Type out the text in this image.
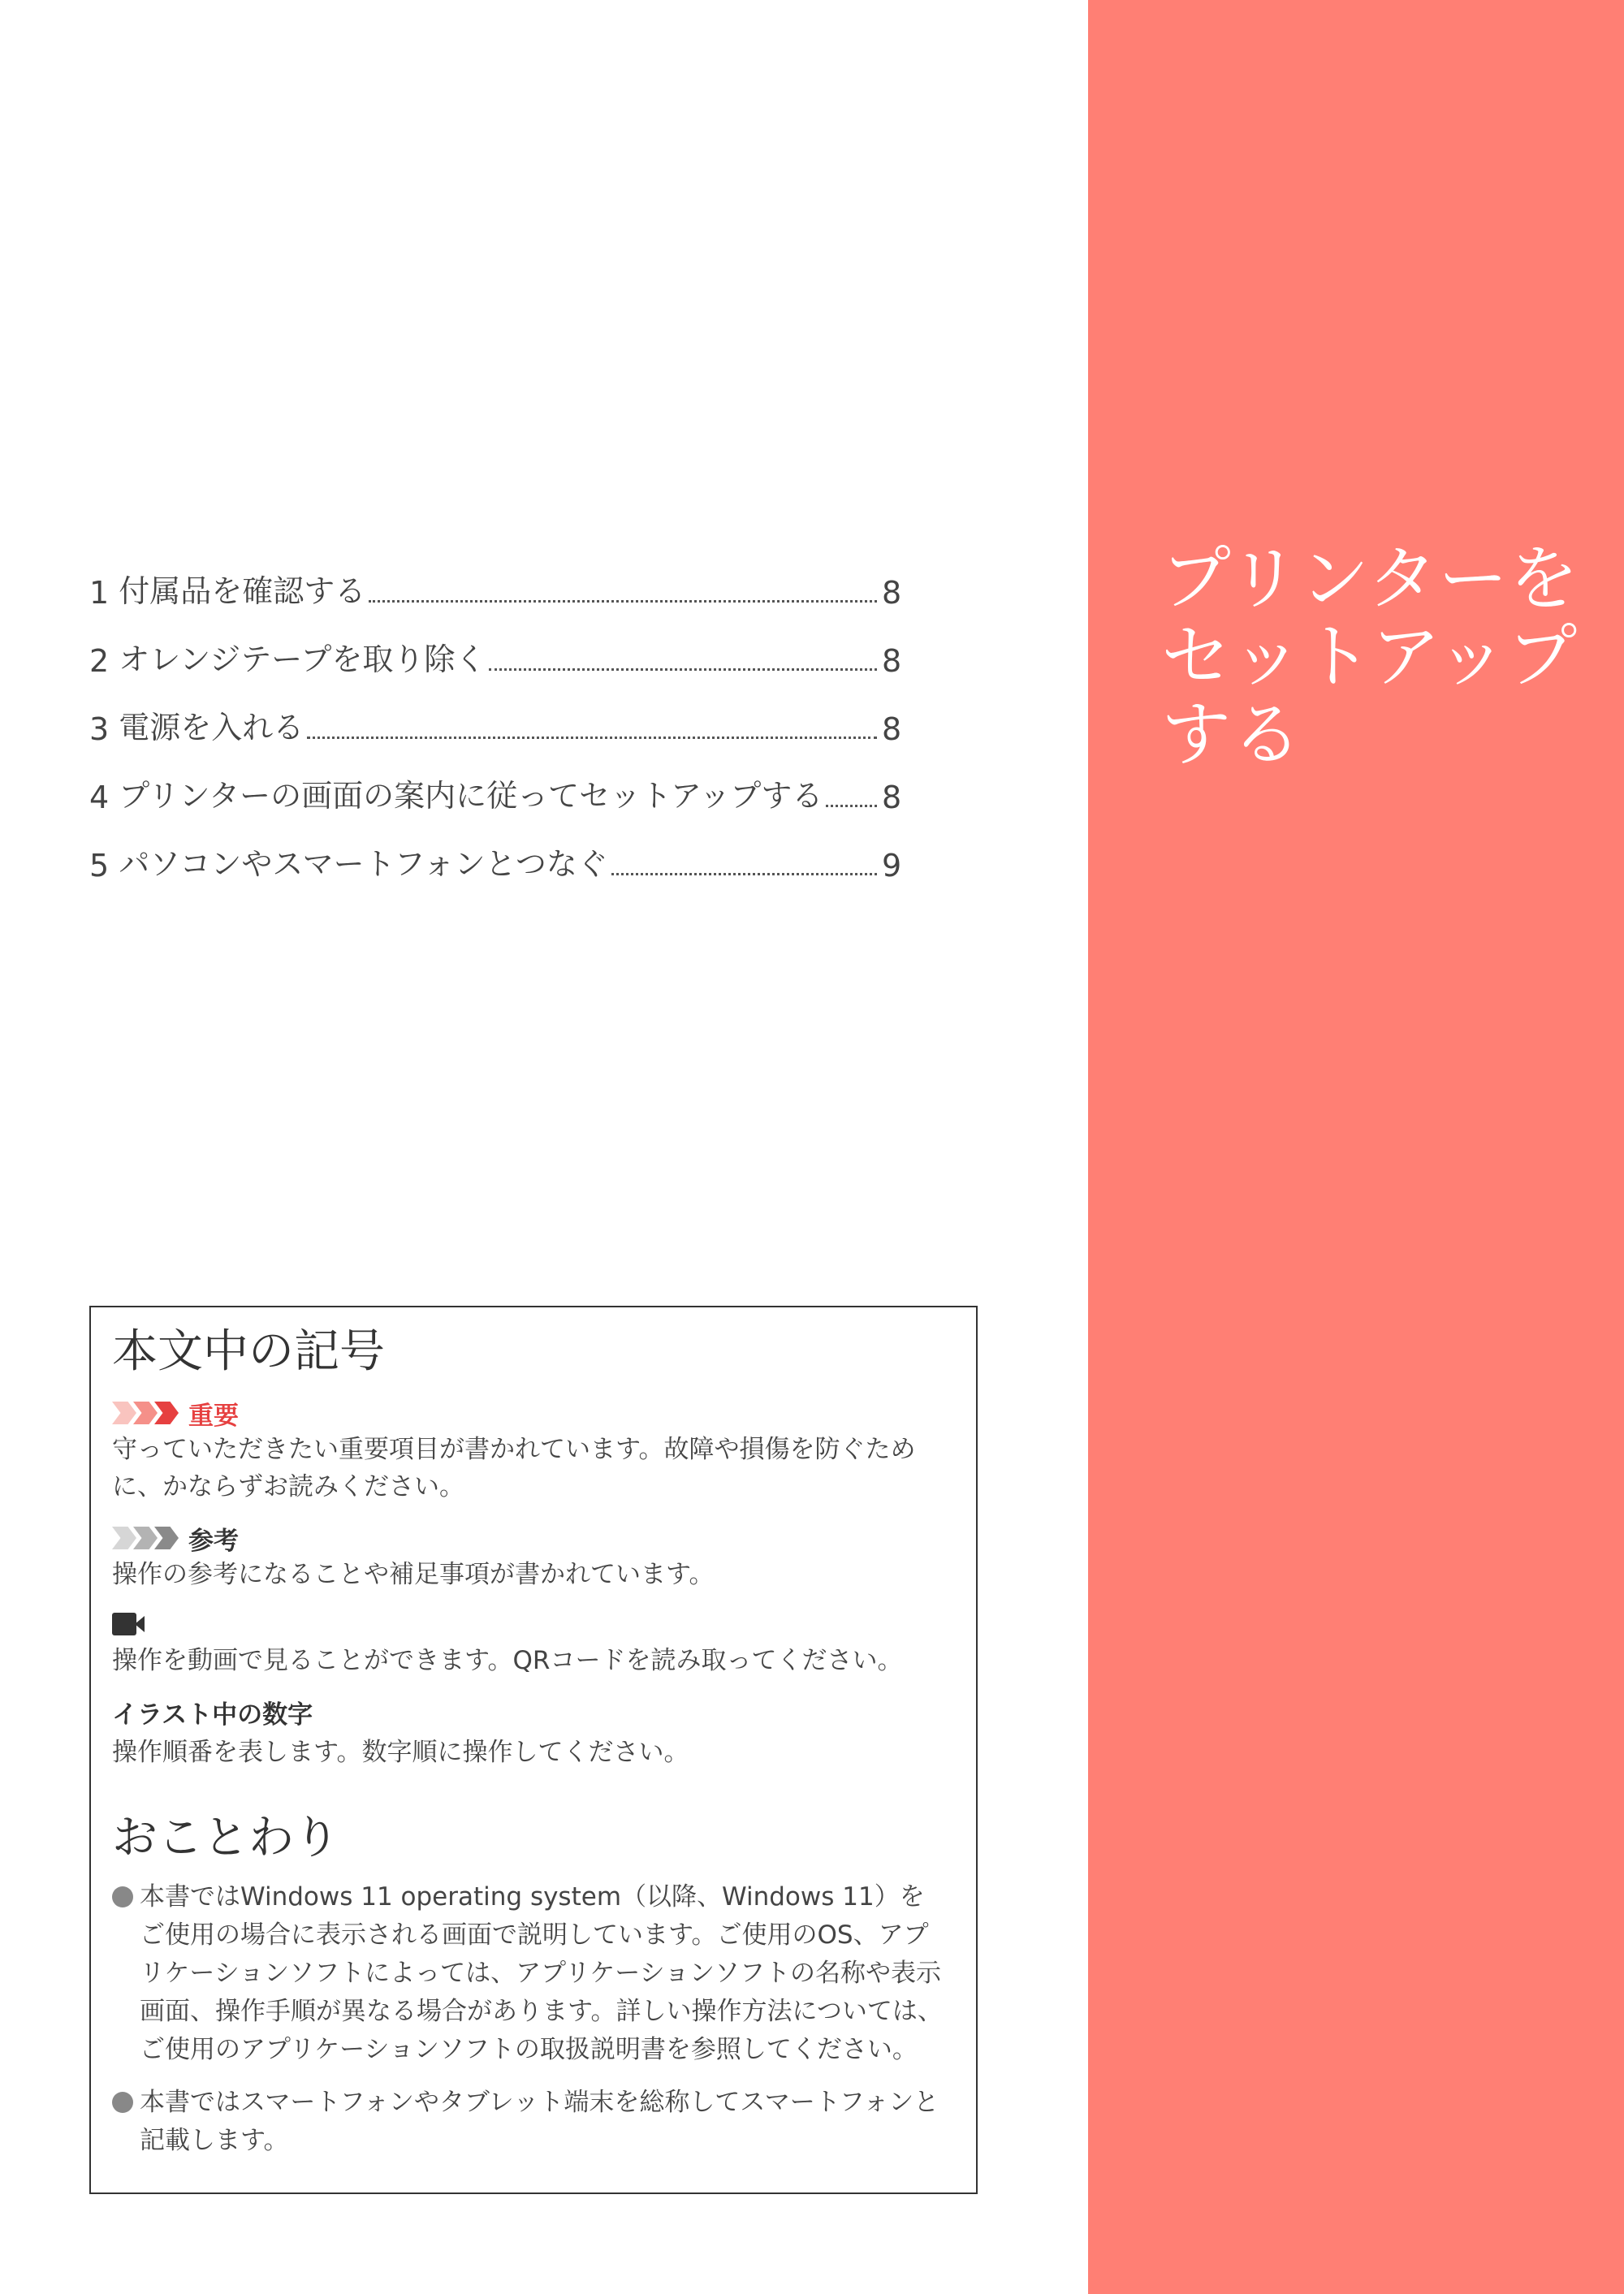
プリンターを
セットアップ
する
1 付属品を確認する	8
2 オレンジテープを取り除く	8
3 電源を入れる	8
4 プリンターの画面の案内に従ってセットアップする 8
5 パソコンやスマートフォンとつなぐ	9
本文中の記号
重要
守っていただきたい重要項目が書かれています。故障や損傷を防ぐために、かならずお読みください。
参考
操作の参考になることや補足事項が書かれています。
操作を動画で見ることができます。QRコードを読み取ってください。
イラスト中の数字
操作順番を表します。数字順に操作してください。
おことわり
本書ではWindows 11 operating system（以降、Windows 11）をご使用の場合に表示される画面で説明しています。ご使用のOS、アプリケーションソフトによっては、アプリケーションソフトの名称や表示画面、操作手順が異なる場合があります。詳しい操作方法については、ご使用のアプリケーションソフトの取扱説明書を参照してください。
本書ではスマートフォンやタブレット端末を総称してスマートフォンと記載します。
